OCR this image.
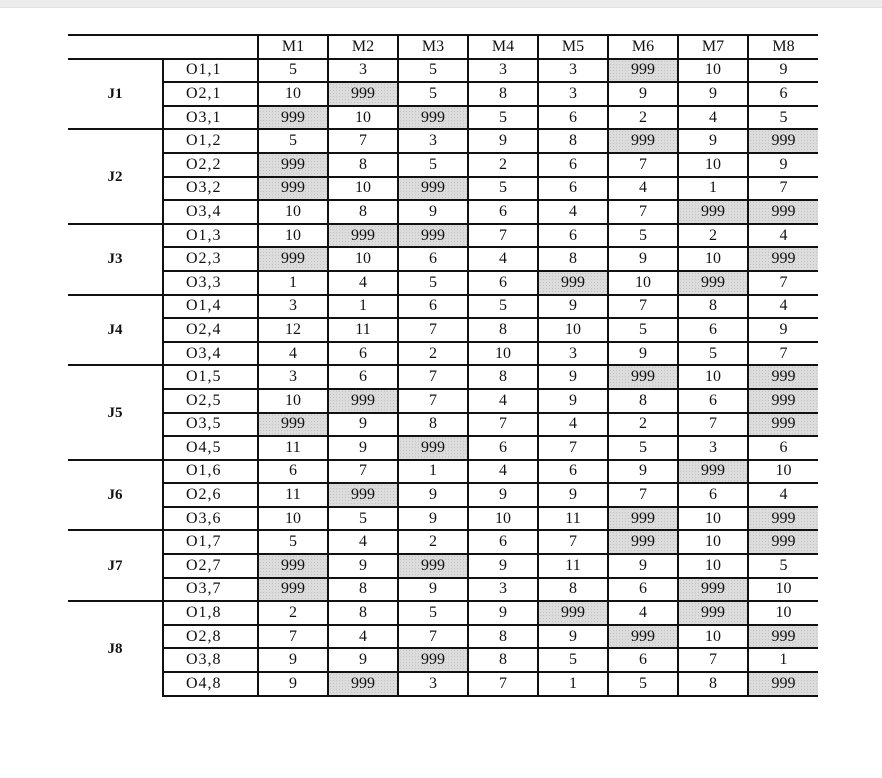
		M1	M2	M3	M4	M5	M6	M7	M8
J1	O1,1	5	3	5	3	3	999	10	9
	O2,1	10	999	5	8	3	9	9	6
	O3,1	999	10	999	5	6	2	4	5
J2	O1,2	5	7	3	9	8	999	9	999
	O2,2	999	8	5	2	6	7	10	9
	O3,2	999	10	999	5	6	4	1	7
	O3,4	10	8	9	6	4	7	999	999
J3	O1,3	10	999	999	7	6	5	2	4
	O2,3	999	10	6	4	8	9	10	999
	O3,3	1	4	5	6	999	10	999	7
J4	O1,4	3	1	6	5	9	7	8	4
	O2,4	12	11	7	8	10	5	6	9
	O3,4	4	6	2	10	3	9	5	7
J5	O1,5	3	6	7	8	9	999	10	999
	O2,5	10	999	7	4	9	8	6	999
	O3,5	999	9	8	7	4	2	7	999
	O4,5	11	9	999	6	7	5	3	6
J6	O1,6	6	7	1	4	6	9	999	10
	O2,6	11	999	9	9	9	7	6	4
	O3,6	10	5	9	10	11	999	10	999
J7	O1,7	5	4	2	6	7	999	10	999
	O2,7	999	9	999	9	11	9	10	5
	O3,7	999	8	9	3	8	6	999	10
J8	O1,8	2	8	5	9	999	4	999	10
	O2,8	7	4	7	8	9	999	10	999
	O3,8	9	9	999	8	5	6	7	1
	O4,8	9	999	3	7	1	5	8	999
